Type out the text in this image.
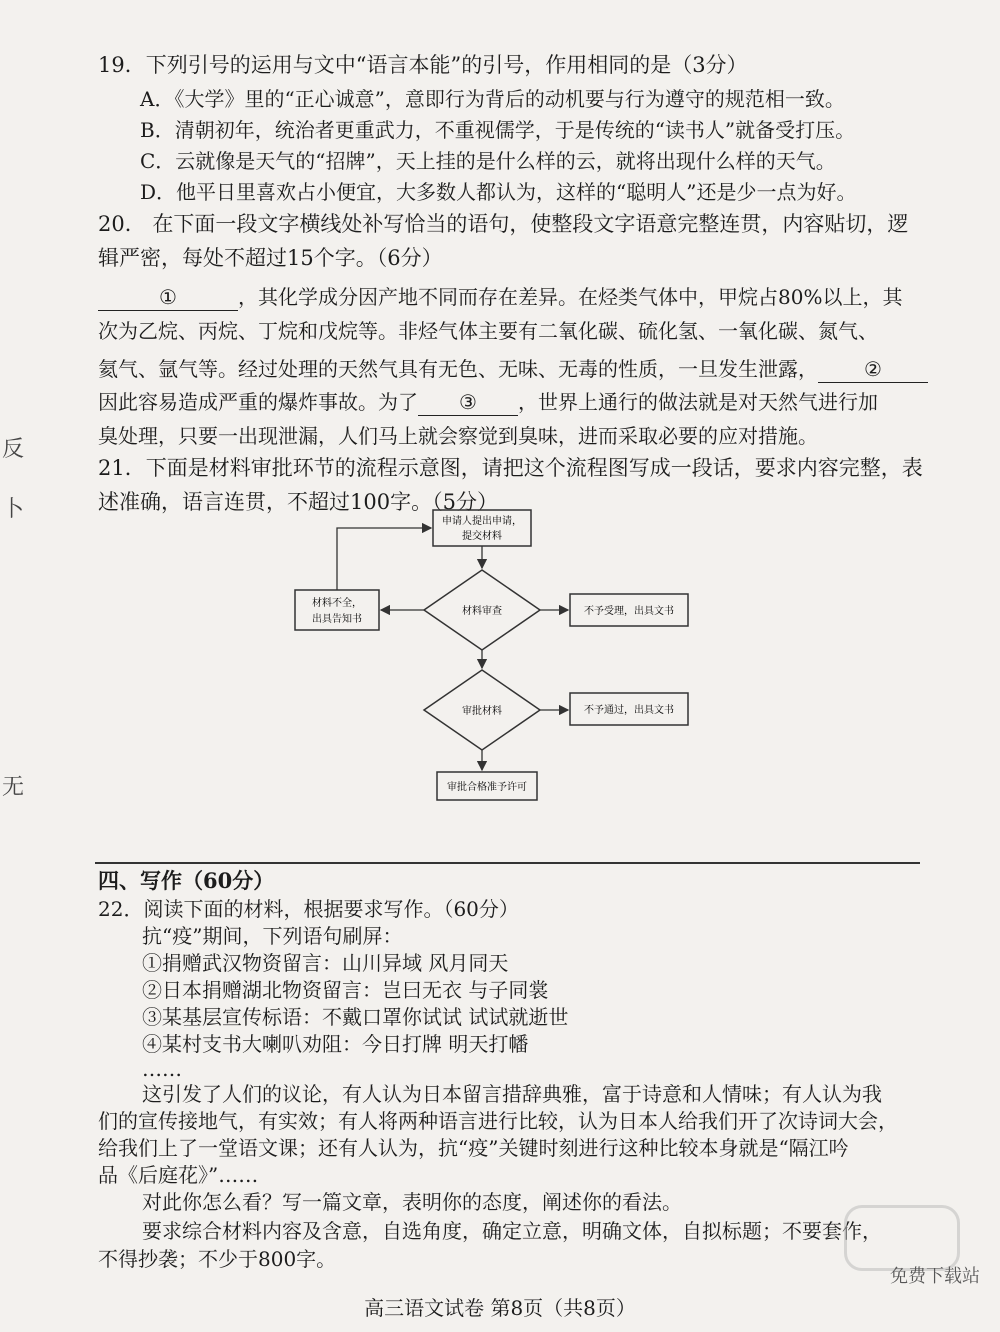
19．下列引号的运用与文中“语言本能”的引号，作用相同的是（3分）
A．《大学》里的“正心诚意”，意即行为背后的动机要与行为遵守的规范相一致。
B．清朝初年，统治者更重武力，不重视儒学，于是传统的“读书人”就备受打压。
C．云就像是天气的“招牌”，天上挂的是什么样的云，就将出现什么样的天气。
D．他平日里喜欢占小便宜，大多数人都认为，这样的“聪明人”还是少一点为好。
20． 在下面一段文字横线处补写恰当的语句，使整段文字语意完整连贯，内容贴切，逻
辑严密，每处不超过15个字。（6分）
①	，其化学成分因产地不同而存在差异。在烃类气体中，甲烷占80%以上，其
次为乙烷、丙烷、丁烷和戊烷等。非烃气体主要有二氧化碳、硫化氢、一氧化碳、氮气、
氦气、氩气等。经过处理的天然气具有无色、无味、无毒的性质，一旦发生泄露， ②
因此容易造成严重的爆炸事故。为了 ③ ，世界上通行的做法就是对天然气进行加
臭处理，只要一出现泄漏，人们马上就会察觉到臭味，进而采取必要的应对措施。
21．下面是材料审批环节的流程示意图，请把这个流程图写成一段话，要求内容完整，表
述准确，语言连贯，不超过100字。（5分）
申请人提出申请，
提交材料
材料审查
材料不全，
出具告知书
不予受理，出具文书
审批材料	不予通过，出具文书
审批合格准予许可
四、写作（60分）
22．阅读下面的材料，根据要求写作。（60分）
抗“疫”期间，下列语句刷屏：
①捐赠武汉物资留言：山川异域 风月同天
②日本捐赠湖北物资留言：岂曰无衣 与子同裳
③某基层宣传标语：不戴口罩你试试 试试就逝世
④某村支书大喇叭劝阻：今日打牌 明天打幡
……
这引发了人们的议论，有人认为日本留言措辞典雅，富于诗意和人情味；有人认为我
们的宣传接地气，有实效；有人将两种语言进行比较，认为日本人给我们开了次诗词大会，
给我们上了一堂语文课；还有人认为，抗“疫”关键时刻进行这种比较本身就是“隔江吟
品《后庭花》”……
对此你怎么看？写一篇文章，表明你的态度，阐述你的看法。
要求综合材料内容及含意，自选角度，确定立意，明确文体，自拟标题；不要套作，
不得抄袭；不少于800字。
反
卜
无
免费下载站
高三语文试卷 第8页（共8页）
